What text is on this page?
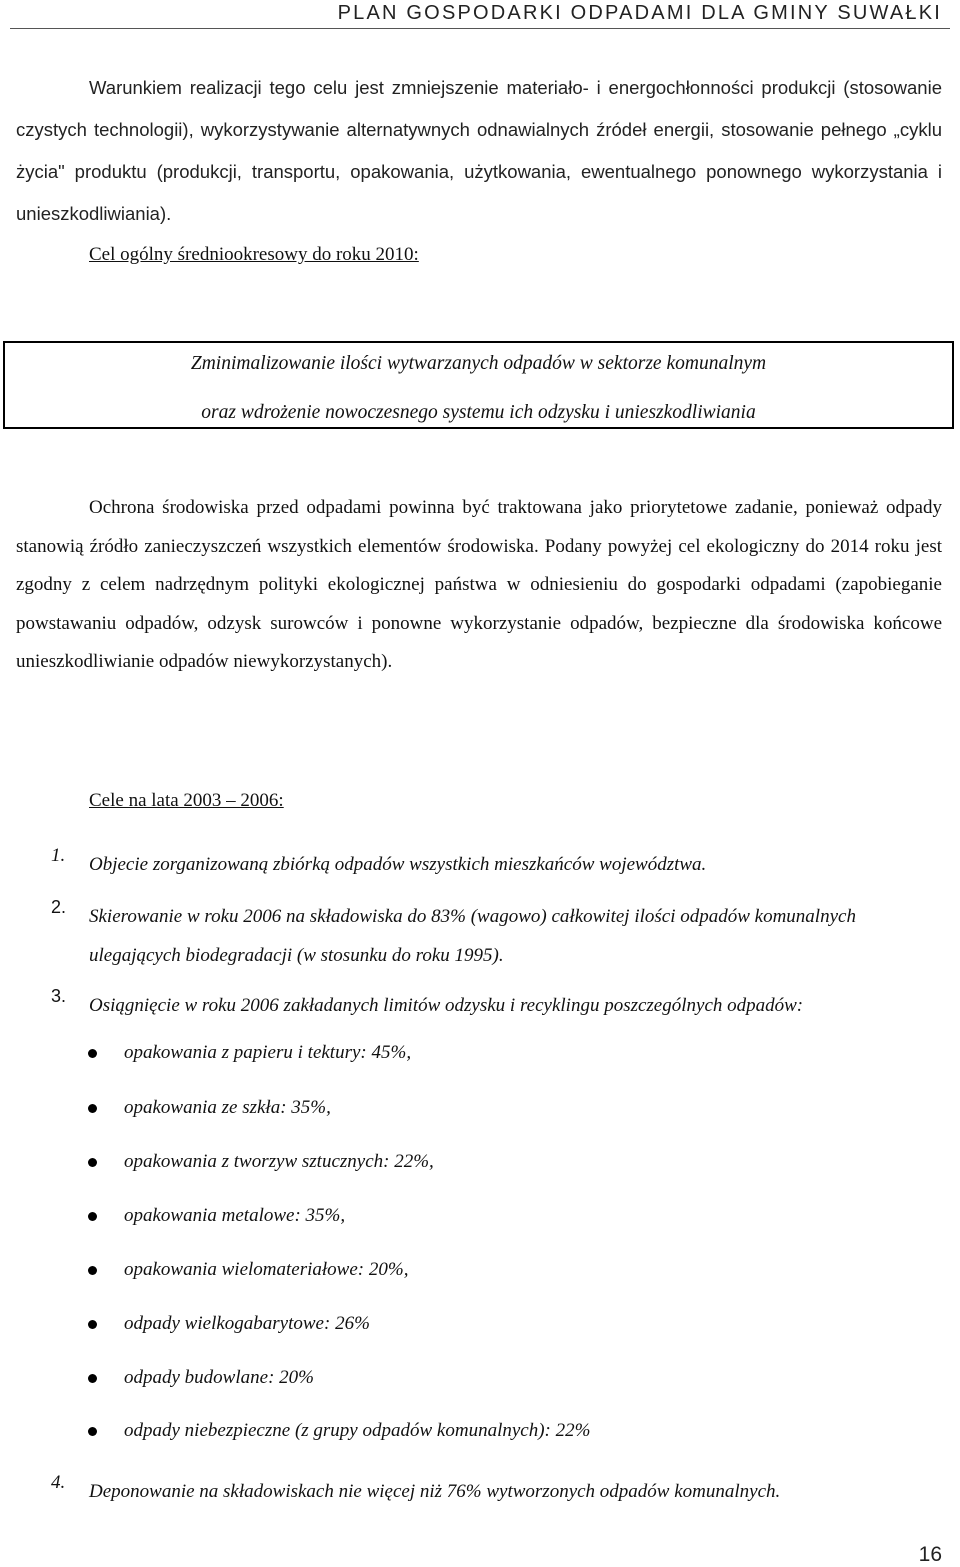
PLAN GOSPODARKI ODPADAMI DLA GMINY SUWAŁKI

Warunkiem realizacji tego celu jest zmniejszenie materiało- i energochłonności produkcji (stosowanie czystych technologii), wykorzystywanie alternatywnych odnawialnych źródeł energii, stosowanie pełnego „cyklu życia" produktu (produkcji, transportu, opakowania, użytkowania, ewentualnego ponownego wykorzystania i unieszkodliwiania).

Cel ogólny średniookresowy do roku 2010:

Zminimalizowanie ilości wytwarzanych odpadów w sektorze komunalnym
oraz wdrożenie nowoczesnego systemu ich odzysku i unieszkodliwiania

Ochrona środowiska przed odpadami powinna być traktowana jako priorytetowe zadanie, ponieważ odpady stanowią źródło zanieczyszczeń wszystkich elementów środowiska. Podany powyżej cel ekologiczny do 2014 roku jest zgodny z celem nadrzędnym polityki ekologicznej państwa w odniesieniu do gospodarki odpadami (zapobieganie powstawaniu odpadów, odzysk surowców i ponowne wykorzystanie odpadów, bezpieczne dla środowiska końcowe unieszkodliwianie odpadów niewykorzystanych).

Cele na lata 2003 – 2006:

1. Objecie zorganizowaną zbiórką odpadów wszystkich mieszkańców województwa.
2. Skierowanie w roku 2006 na składowiska do 83% (wagowo) całkowitej ilości odpadów komunalnych ulegających biodegradacji (w stosunku do roku 1995).
3. Osiągnięcie w roku 2006 zakładanych limitów odzysku i recyklingu poszczególnych odpadów:
opakowania z papieru i tektury: 45%,
opakowania ze szkła: 35%,
opakowania z tworzyw sztucznych: 22%,
opakowania metalowe: 35%,
opakowania wielomateriałowe: 20%,
odpady wielkogabarytowe: 26%
odpady budowlane: 20%
odpady niebezpieczne (z grupy odpadów komunalnych): 22%
4. Deponowanie na składowiskach nie więcej niż 76% wytworzonych odpadów komunalnych.
16
